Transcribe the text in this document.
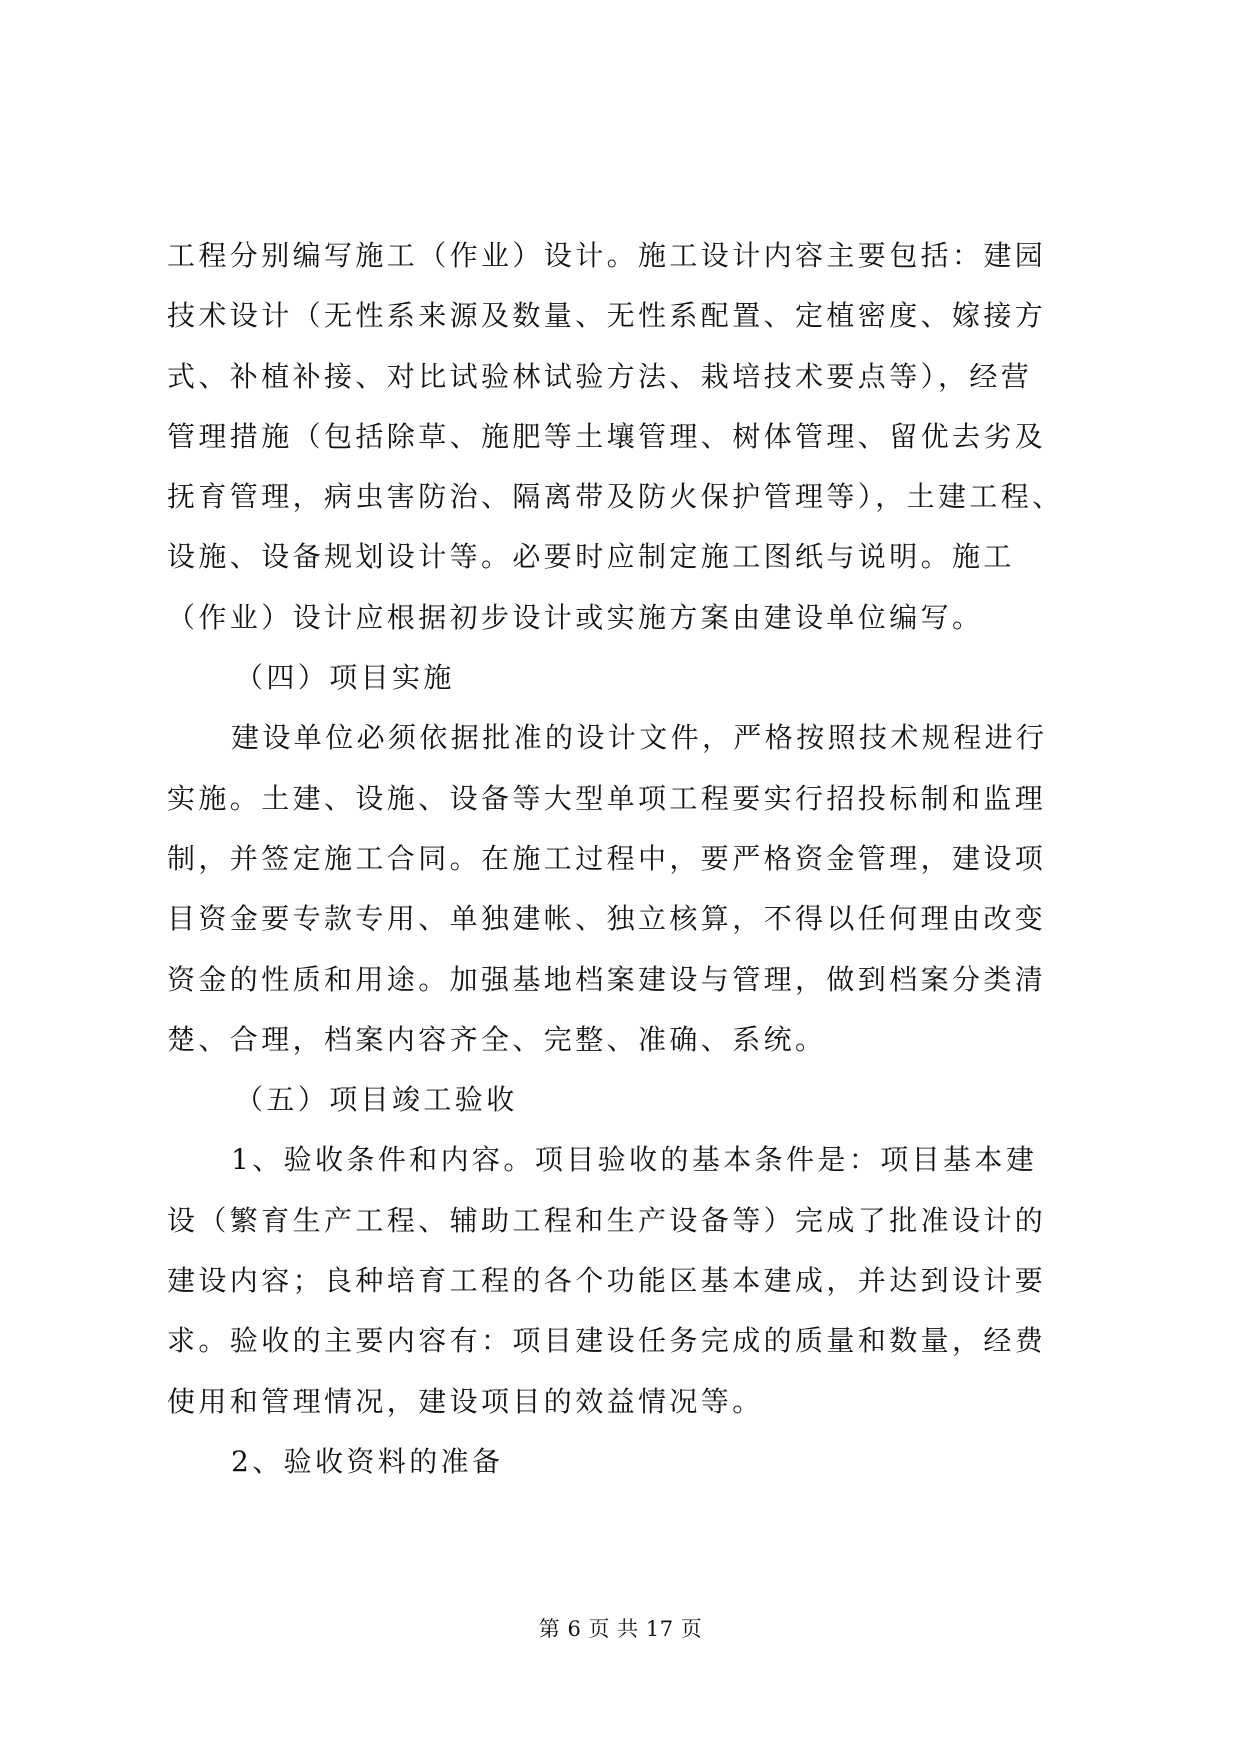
工程分别编写施工（作业）设计。施工设计内容主要包括：建园
技术设计（无性系来源及数量、无性系配置、定植密度、嫁接方
式、补植补接、对比试验林试验方法、栽培技术要点等），经营
管理措施（包括除草、施肥等土壤管理、树体管理、留优去劣及
抚育管理，病虫害防治、隔离带及防火保护管理等），土建工程、
设施、设备规划设计等。必要时应制定施工图纸与说明。施工
（作业）设计应根据初步设计或实施方案由建设单位编写。
（四）项目实施
建设单位必须依据批准的设计文件，严格按照技术规程进行
实施。土建、设施、设备等大型单项工程要实行招投标制和监理
制，并签定施工合同。在施工过程中，要严格资金管理，建设项
目资金要专款专用、单独建帐、独立核算，不得以任何理由改变
资金的性质和用途。加强基地档案建设与管理，做到档案分类清
楚、合理，档案内容齐全、完整、准确、系统。
（五）项目竣工验收
1、验收条件和内容。项目验收的基本条件是：项目基本建
设（繁育生产工程、辅助工程和生产设备等）完成了批准设计的
建设内容；良种培育工程的各个功能区基本建成，并达到设计要
求。验收的主要内容有：项目建设任务完成的质量和数量，经费
使用和管理情况，建设项目的效益情况等。
2、验收资料的准备
第 6 页 共 17 页
